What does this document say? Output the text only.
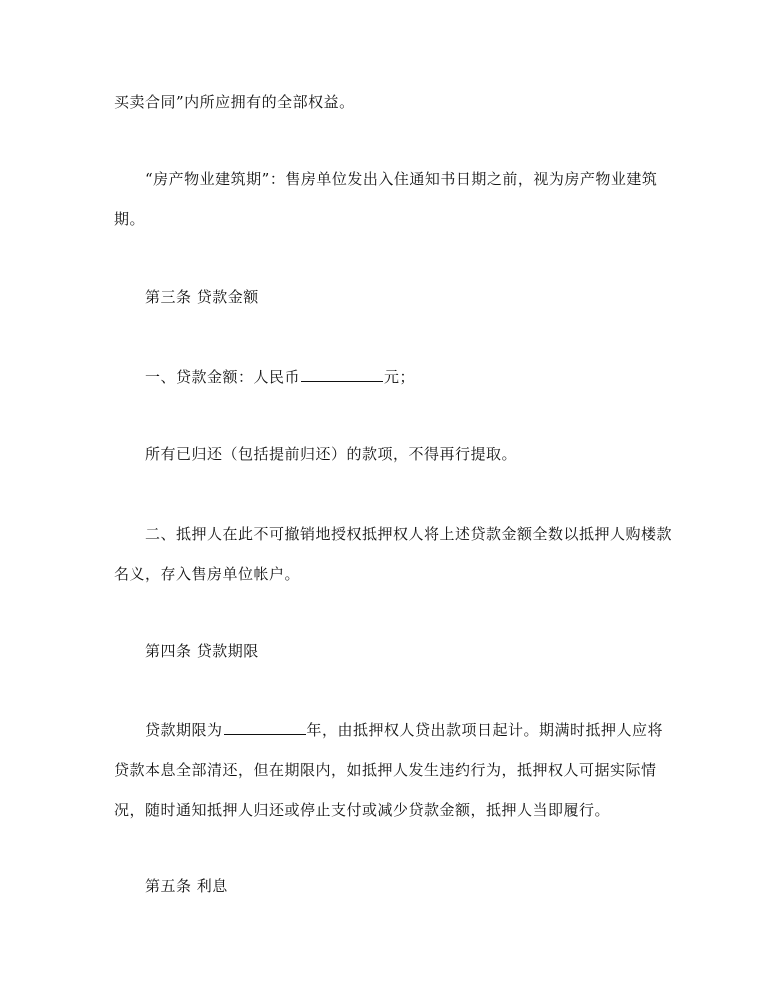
买卖合同”内所应拥有的全部权益。
“房产物业建筑期”：售房单位发出入住通知书日期之前，视为房产物业建筑
期。
第三条 贷款金额
一、贷款金额：人民币	元；
所有已归还（包括提前归还）的款项，不得再行提取。
二、抵押人在此不可撤销地授权抵押权人将上述贷款金额全数以抵押人购楼款
名义，存入售房单位帐户。
第四条 贷款期限
贷款期限为	年，由抵押权人贷出款项日起计。期满时抵押人应将
贷款本息全部清还，但在期限内，如抵押人发生违约行为，抵押权人可据实际情
况，随时通知抵押人归还或停止支付或减少贷款金额，抵押人当即履行。
第五条 利息
